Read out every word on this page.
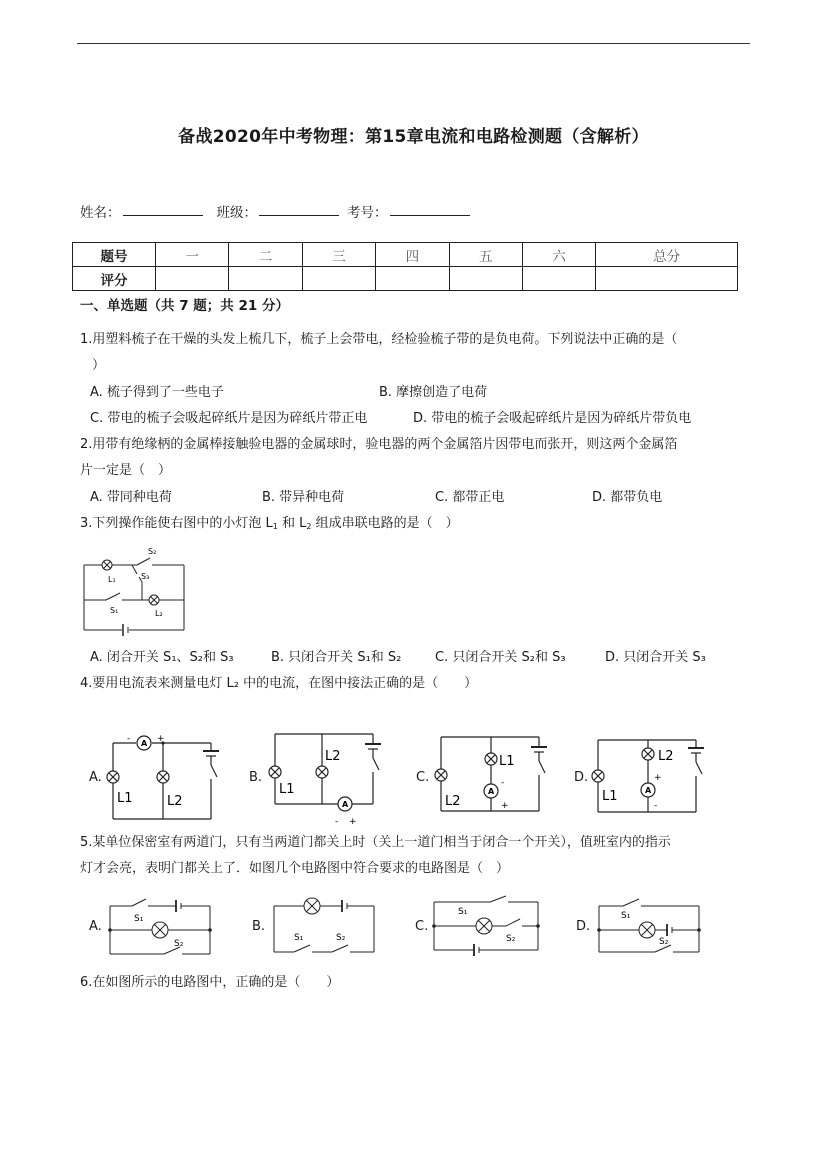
备战2020年中考物理：第15章电流和电路检测题（含解析）
姓名：	班级：	考号：
题号	一	二	三	四	五	六	总分
评分							
一、单选题（共 7 题；共 21 分）
1.用塑料梳子在干燥的头发上梳几下，梳子上会带电，经检验梳子带的是负电荷。下列说法中正确的是（
）
A. 梳子得到了一些电子	B. 摩擦创造了电荷
C. 带电的梳子会吸起碎纸片是因为碎纸片带正电	D. 带电的梳子会吸起碎纸片是因为碎纸片带负电
2.用带有绝缘柄的金属棒接触验电器的金属球时，验电器的两个金属箔片因带电而张开，则这两个金属箔
片一定是（　）
A. 带同种电荷	B. 带异种电荷	C. 都带正电	D. 都带负电
3.下列操作能使右图中的小灯泡 $L_1$ 和 $L_2$ 组成串联电路的是（　）
S₂
S₃
L₁
S₁	L₂
A. 闭合开关 S₁、S₂和 S₃	B. 只闭合开关 S₁和 S₂	C. 只闭合开关 S₂和 S₃	D. 只闭合开关 S₃
4.要用电流表来测量电灯 L₂ 中的电流，在图中接法正确的是（　　）
A.
A
-	+
L1	L2
B.
A
L1
L2
- +
C.
A
L1
L2
-
+
D.
A
L2
L1
+
-
5.某单位保密室有两道门，只有当两道门都关上时（关上一道门相当于闭合一个开关），值班室内的指示
灯才会亮，表明门都关上了．如图几个电路图中符合要求的电路图是（　）
A.	S₁
S₂
B.
S₁	S₂
C.
S₁
S₂
D.
S₁
S₂
6.在如图所示的电路图中，正确的是（　　）
